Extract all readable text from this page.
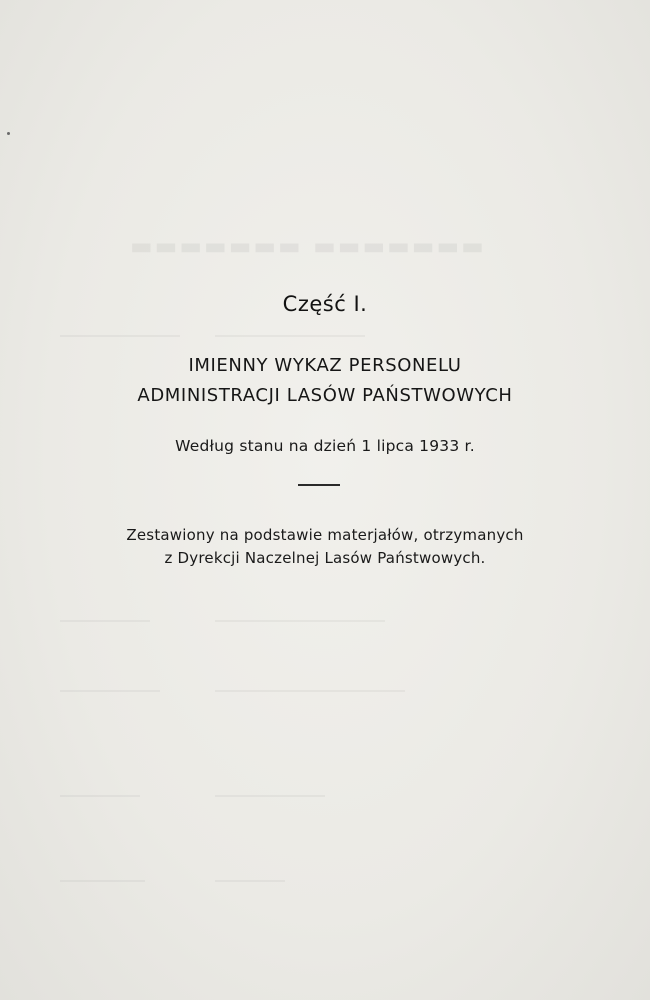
▬▬▬▬▬▬▬ ▬▬▬▬▬▬▬
Część I.
IMIENNY WYKAZ PERSONELU
ADMINISTRACJI LASÓW PAŃSTWOWYCH
Według stanu na dzień 1 lipca 1933 r.
Zestawiony na podstawie materjałów, otrzymanych
z Dyrekcji Naczelnej Lasów Państwowych.
